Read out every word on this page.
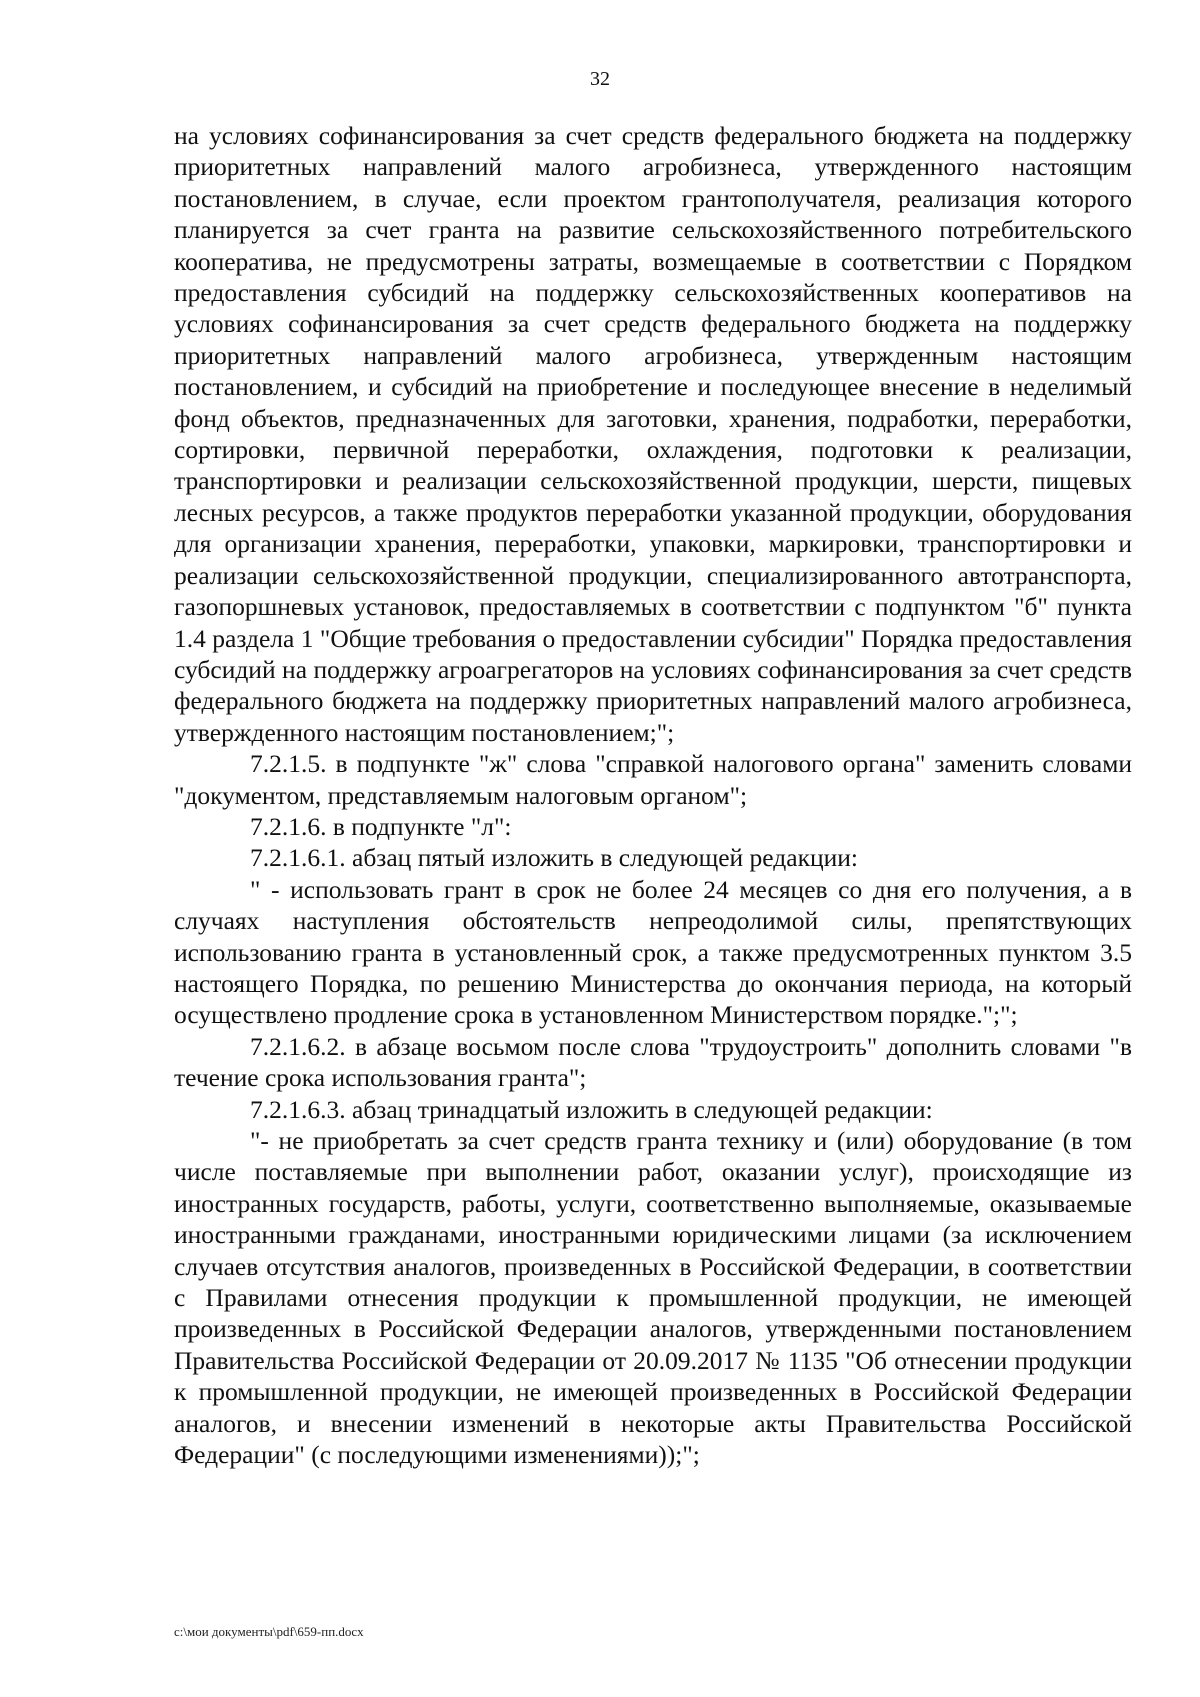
32

на условиях софинансирования за счет средств федерального бюджета на поддержку приоритетных направлений малого агробизнеса, утвержденного настоящим постановлением, в случае, если проектом грантополучателя, реализация которого планируется за счет гранта на развитие сельскохозяйственного потребительского кооператива, не предусмотрены затраты, возмещаемые в соответствии с Порядком предоставления субсидий на поддержку сельскохозяйственных кооперативов на условиях софинансирования за счет средств федерального бюджета на поддержку приоритетных направлений малого агробизнеса, утвержденным настоящим постановлением, и субсидий на приобретение и последующее внесение в неделимый фонд объектов, предназначенных для заготовки, хранения, подработки, переработки, сортировки, первичной переработки, охлаждения, подготовки к реализации, транспортировки и реализации сельскохозяйственной продукции, шерсти, пищевых лесных ресурсов, а также продуктов переработки указанной продукции, оборудования для организации хранения, переработки, упаковки, маркировки, транспортировки и реализации сельскохозяйственной продукции, специализированного автотранспорта, газопоршневых установок, предоставляемых в соответствии с подпунктом "б" пункта 1.4 раздела 1 "Общие требования о предоставлении субсидии" Порядка предоставления субсидий на поддержку агроагрегаторов на условиях софинансирования за счет средств федерального бюджета на поддержку приоритетных направлений малого агробизнеса, утвержденного настоящим постановлением;";

7.2.1.5. в подпункте "ж" слова "справкой налогового органа" заменить словами "документом, представляемым налоговым органом";

7.2.1.6. в подпункте "л":

7.2.1.6.1. абзац пятый изложить в следующей редакции:

" - использовать грант в срок не более 24 месяцев со дня его получения, а в случаях наступления обстоятельств непреодолимой силы, препятствующих использованию гранта в установленный срок, а также предусмотренных пунктом 3.5 настоящего Порядка, по решению Министерства до окончания периода, на который осуществлено продление срока в установленном Министерством порядке.";";

7.2.1.6.2. в абзаце восьмом после слова "трудоустроить" дополнить словами "в течение срока использования гранта";

7.2.1.6.3. абзац тринадцатый изложить в следующей редакции:

"- не приобретать за счет средств гранта технику и (или) оборудование (в том числе поставляемые при выполнении работ, оказании услуг), происходящие из иностранных государств, работы, услуги, соответственно выполняемые, оказываемые иностранными гражданами, иностранными юридическими лицами (за исключением случаев отсутствия аналогов, произведенных в Российской Федерации, в соответствии с Правилами отнесения продукции к промышленной продукции, не имеющей произведенных в Российской Федерации аналогов, утвержденными постановлением Правительства Российской Федерации от 20.09.2017 № 1135 "Об отнесении продукции к промышленной продукции, не имеющей произведенных в Российской Федерации аналогов, и внесении изменений в некоторые акты Правительства Российской Федерации" (с последующими изменениями));";

c:\мои документы\pdf\659-пп.docx
